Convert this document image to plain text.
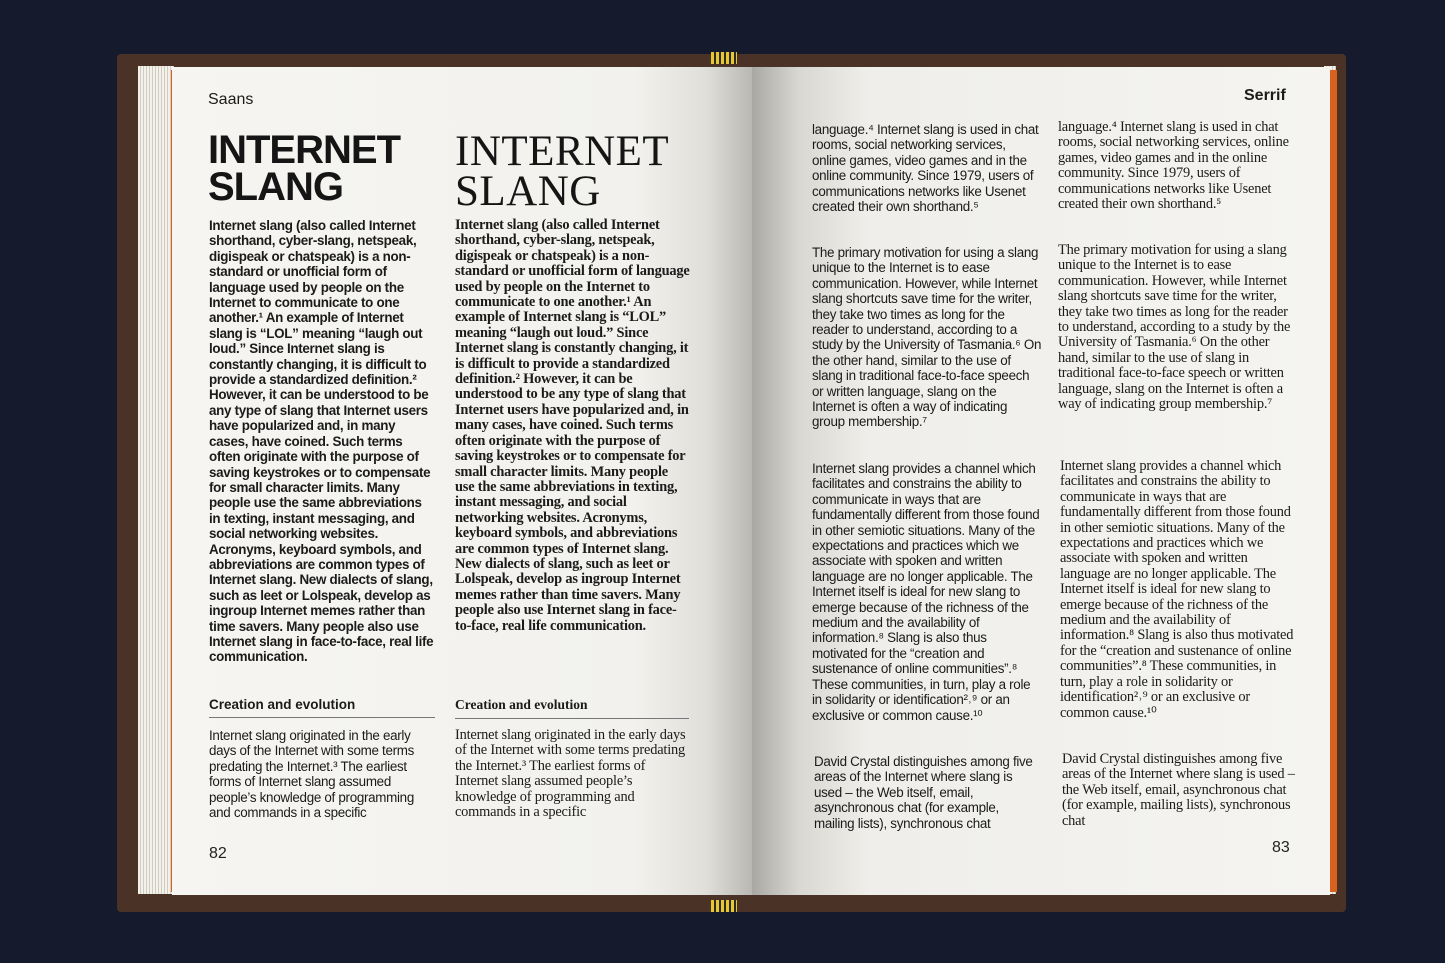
Saans
INTERNET SLANG

Internet slang (also called Internet shorthand, cyber-slang, netspeak, digispeak or chatspeak) is a non-standard or unofficial form of language used by people on the Internet to communicate to one another.¹ An example of Internet slang is “LOL” meaning “laugh out loud.” Since Internet slang is constantly changing, it is difficult to provide a standardized definition.² However, it can be understood to be any type of slang that Internet users have popularized and, in many cases, have coined. Such terms often originate with the purpose of saving keystrokes or to compensate for small character limits. Many people use the same abbreviations in texting, instant messaging, and social networking websites. Acronyms, keyboard symbols, and abbreviations are common types of Internet slang. New dialects of slang, such as leet or Lolspeak, develop as ingroup Internet memes rather than time savers. Many people also use Internet slang in face-to-face, real life communication.

Creation and evolution

Internet slang originated in the early days of the Internet with some terms predating the Internet.³ The earliest forms of Internet slang assumed people’s knowledge of programming and commands in a specific

INTERNET SLANG

Internet slang (also called Internet shorthand, cyber-slang, netspeak, digispeak or chatspeak) is a non-standard or unofficial form of language used by people on the Internet to communicate to one another.¹ An example of Internet slang is “LOL” meaning “laugh out loud.” Since Internet slang is constantly changing, it is difficult to provide a standardized definition.² However, it can be understood to be any type of slang that Internet users have popularized and, in many cases, have coined. Such terms often originate with the purpose of saving keystrokes or to compensate for small character limits. Many people use the same abbreviations in texting, instant messaging, and social networking websites. Acronyms, keyboard symbols, and abbreviations are common types of Internet slang. New dialects of slang, such as leet or Lolspeak, develop as ingroup Internet memes rather than time savers. Many people also use Internet slang in face-to-face, real life communication.

Creation and evolution

Internet slang originated in the early days of the Internet with some terms predating the Internet.³ The earliest forms of Internet slang assumed people’s knowledge of programming and commands in a specific

82
Serrif

language.⁴ Internet slang is used in chat rooms, social networking services, online games, video games and in the online community. Since 1979, users of communications networks like Usenet created their own shorthand.⁵

The primary motivation for using a slang unique to the Internet is to ease communication. However, while Internet slang shortcuts save time for the writer, they take two times as long for the reader to understand, according to a study by the University of Tasmania.⁶ On the other hand, similar to the use of slang in traditional face-to-face speech or written language, slang on the Internet is often a way of indicating group membership.⁷

Internet slang provides a channel which facilitates and constrains the ability to communicate in ways that are fundamentally different from those found in other semiotic situations. Many of the expectations and practices which we associate with spoken and written language are no longer applicable. The Internet itself is ideal for new slang to emerge because of the richness of the medium and the availability of information.⁸ Slang is also thus motivated for the “creation and sustenance of online communities”.⁸ These communities, in turn, play a role in solidarity or identification²˒⁹ or an exclusive or common cause.¹⁰

David Crystal distinguishes among five areas of the Internet where slang is used – the Web itself, email, asynchronous chat (for example, mailing lists), synchronous chat

language.⁴ Internet slang is used in chat rooms, social networking services, online games, video games and in the online community. Since 1979, users of communications networks like Usenet created their own shorthand.⁵

The primary motivation for using a slang unique to the Internet is to ease communication. However, while Internet slang shortcuts save time for the writer, they take two times as long for the reader to understand, according to a study by the University of Tasmania.⁶ On the other hand, similar to the use of slang in traditional face-to-face speech or written language, slang on the Internet is often a way of indicating group membership.⁷

Internet slang provides a channel which facilitates and constrains the ability to communicate in ways that are fundamentally different from those found in other semiotic situations. Many of the expectations and practices which we associate with spoken and written language are no longer applicable. The Internet itself is ideal for new slang to emerge because of the richness of the medium and the availability of information.⁸ Slang is also thus motivated for the “creation and sustenance of online communities”.⁸ These communities, in turn, play a role in solidarity or identification²˒⁹ or an exclusive or common cause.¹⁰

David Crystal distinguishes among five areas of the Internet where slang is used – the Web itself, email, asynchronous chat (for example, mailing lists), synchronous chat

83
